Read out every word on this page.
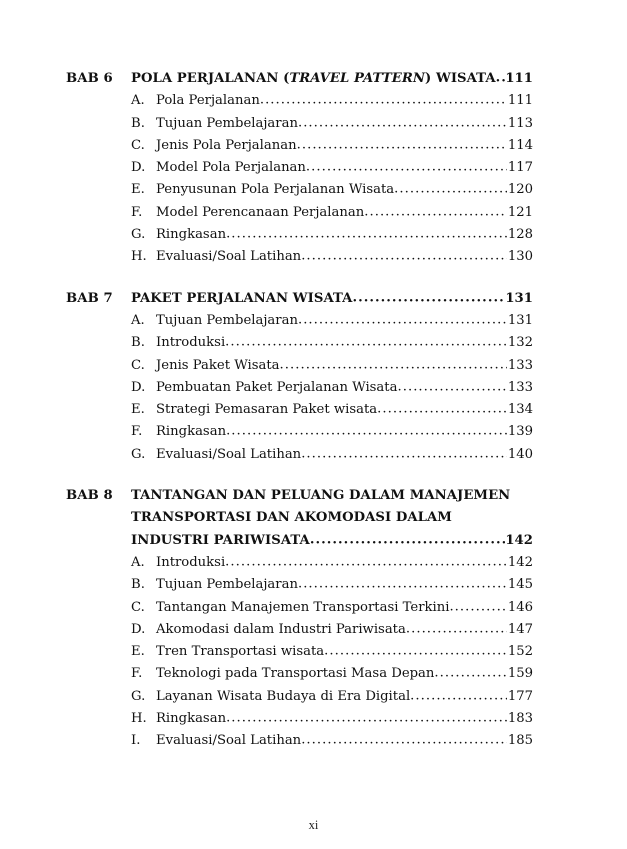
BAB 6	POLA PERJALANAN (TRAVEL PATTERN) WISATA ..... 111
A. Pola Perjalanan .....	111
B. Tujuan Pembelajaran .....	113
C. Jenis Pola Perjalanan .....	114
D. Model Pola Perjalanan .....	117
E. Penyusunan Pola Perjalanan Wisata .....	120
F.	Model Perencanaan Perjalanan .....	121
G. Ringkasan .....	128
H. Evaluasi/Soal Latihan .....	130
BAB 7	PAKET PERJALANAN WISATA .....	131
A. Tujuan Pembelajaran .....	131
B. Introduksi .....	132
C. Jenis Paket Wisata .....	133
D. Pembuatan Paket Perjalanan Wisata .....	133
E. Strategi Pemasaran Paket wisata .....	134
F.	Ringkasan .....	139
G. Evaluasi/Soal Latihan .....	140
BAB 8	TANTANGAN DAN PELUANG DALAM MANAJEMEN
TRANSPORTASI DAN AKOMODASI DALAM
INDUSTRI PARIWISATA .....	142
A. Introduksi .....	142
B. Tujuan Pembelajaran .....	145
C. Tantangan Manajemen Transportasi Terkini .....	146
D. Akomodasi dalam Industri Pariwisata .....	147
E. Tren Transportasi wisata .....	152
F.	Teknologi pada Transportasi Masa Depan .....	159
G. Layanan Wisata Budaya di Era Digital .....	177
H. Ringkasan .....	183
I.	Evaluasi/Soal Latihan .....	185
xi
